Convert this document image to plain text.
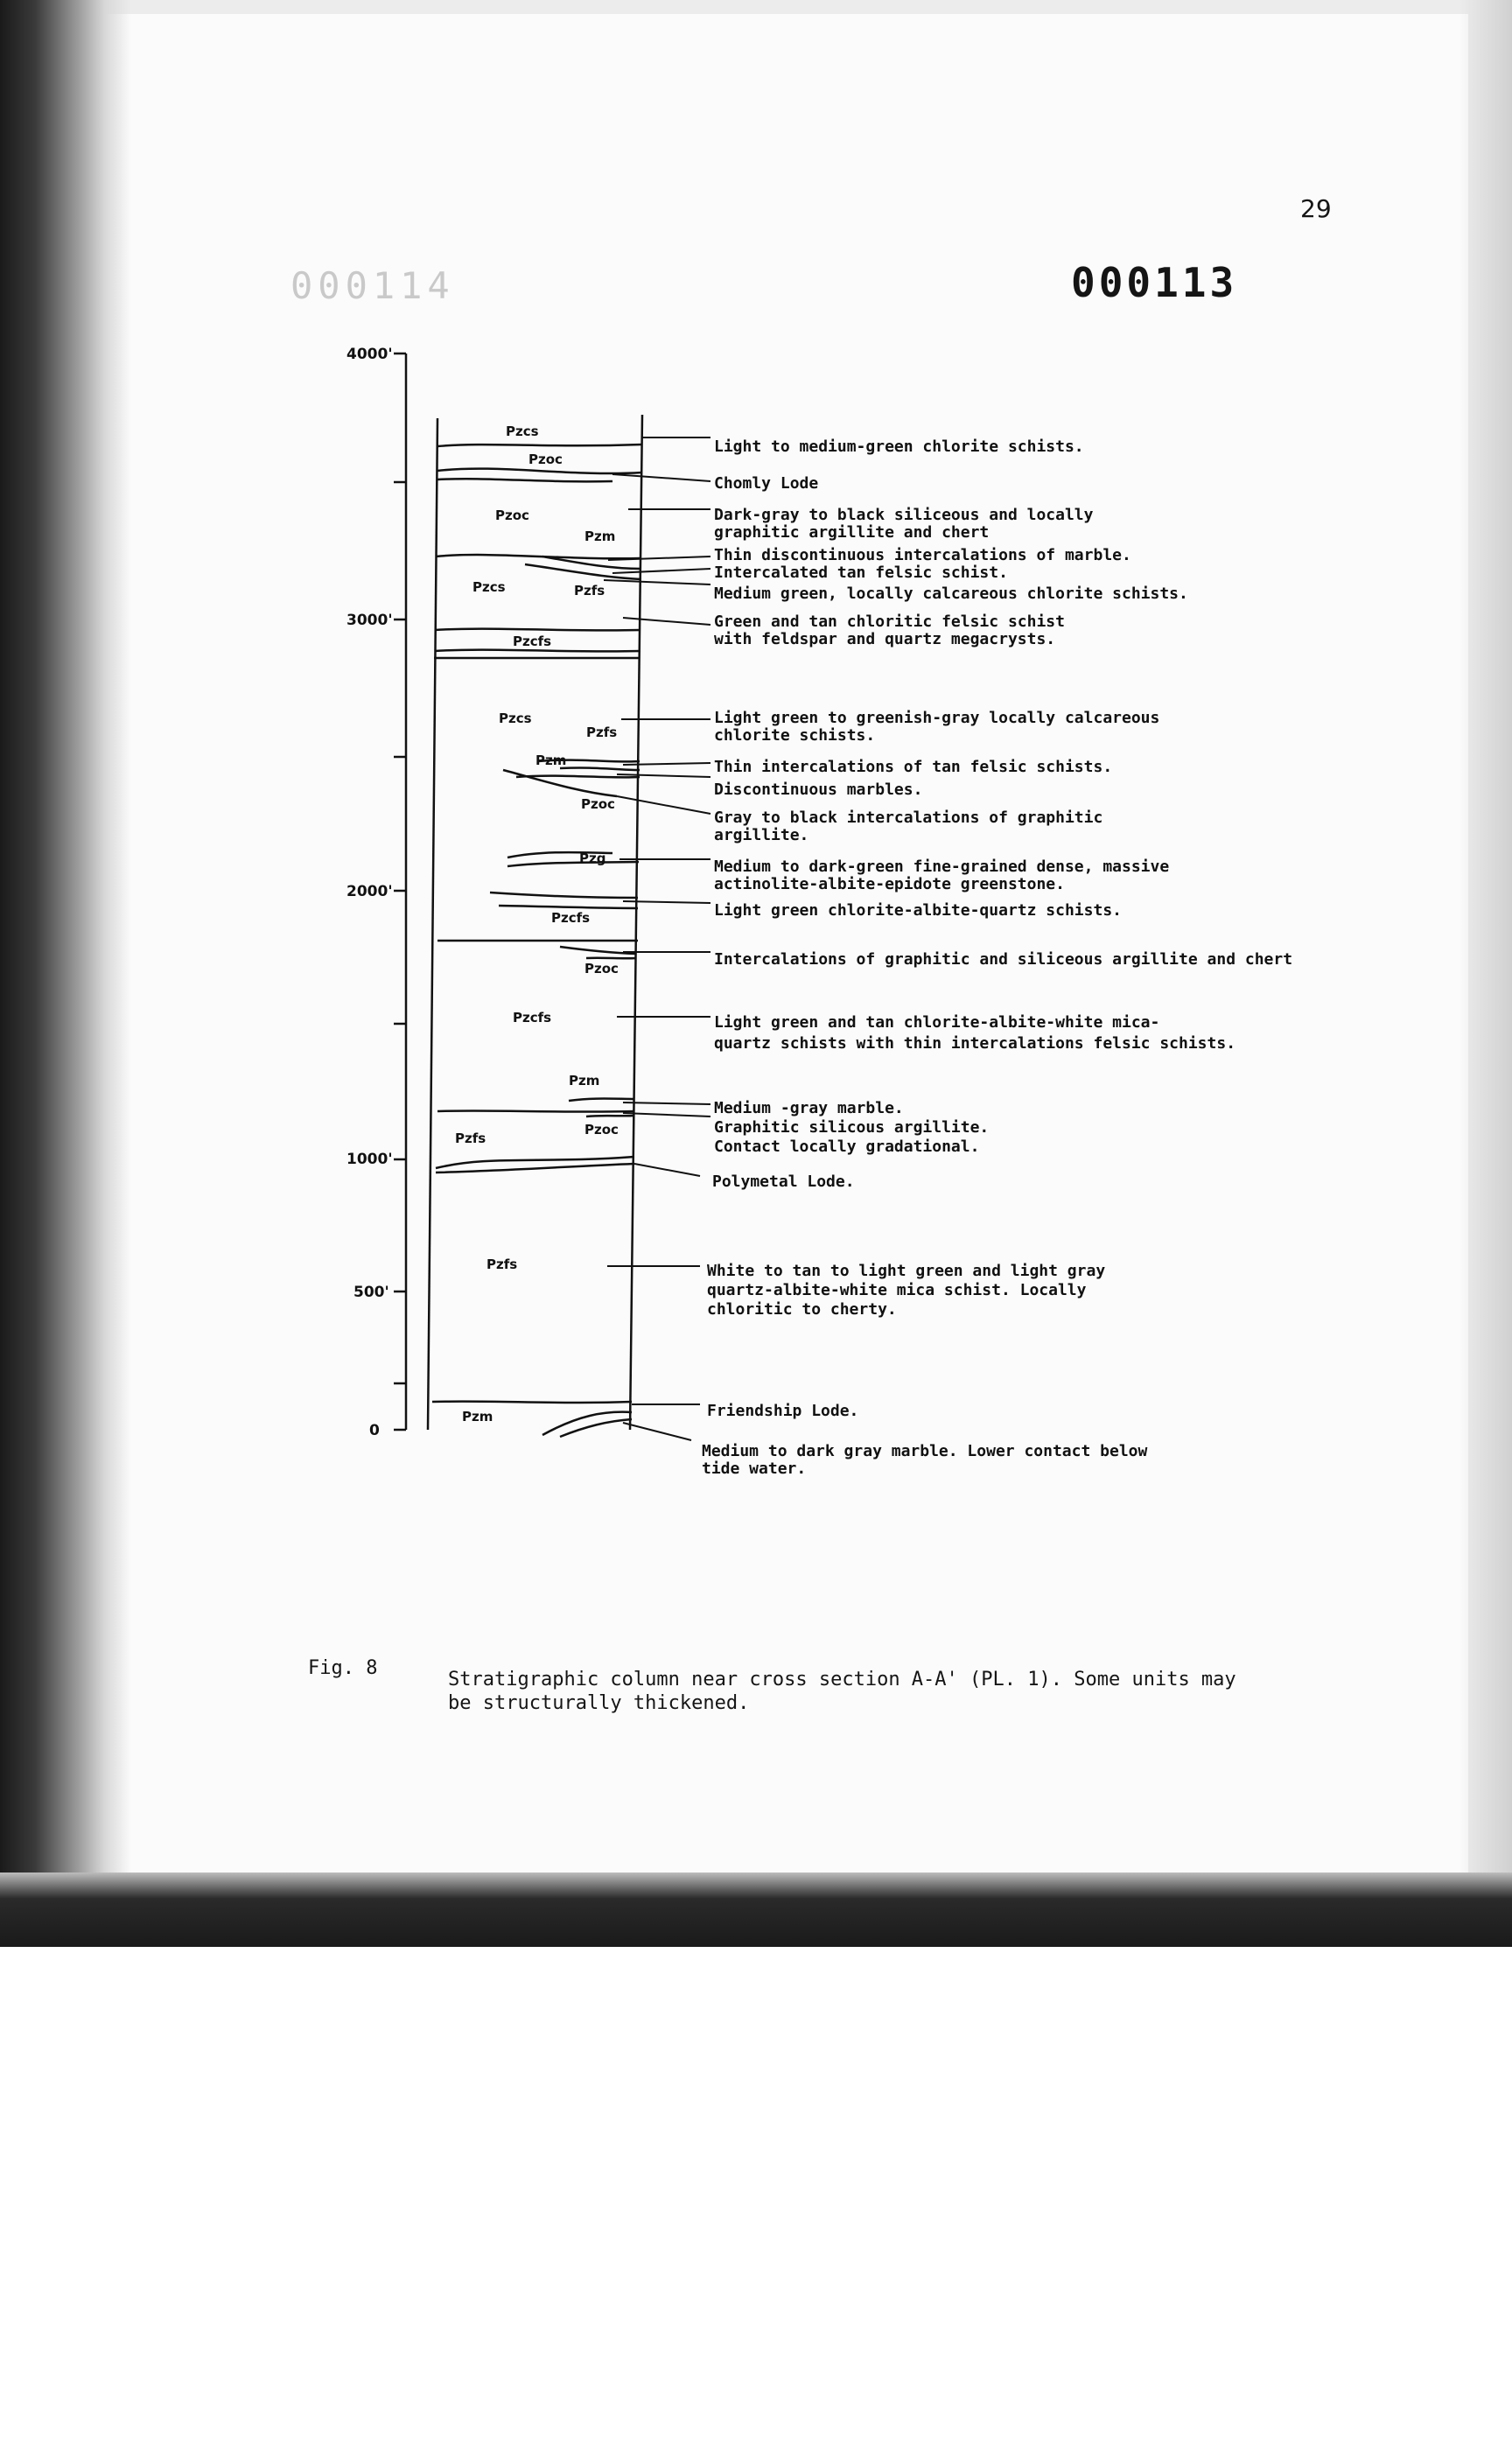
29
000113
000114
4000'
3000'
2000'
1000'
500'
0
Pzcs
Pzoc
Pzoc
Pzm
Pzcs	Pzfs
Pzcfs
Pzcs
Pzfs
Pzm
Pzoc
Pzg
Pzcfs
Pzoc
Pzcfs
Pzm
Pzfs
Pzoc
Pzfs
Pzm
Light to medium-green chlorite schists.
Chomly Lode
Dark-gray to black siliceous and locally graphitic argillite and chert
Thin discontinuous intercalations of marble.
Intercalated tan felsic schist.
Medium green, locally calcareous chlorite schists.
Green and tan chloritic felsic schist with feldspar and quartz megacrysts.
Light green to greenish-gray locally calcareous chlorite schists.
Thin intercalations of tan felsic schists.
Discontinuous marbles.
Gray to black intercalations of graphitic argillite.
Medium to dark-green fine-grained dense, massive actinolite-albite-epidote greenstone.
Light green chlorite-albite-quartz schists.
Intercalations of graphitic and siliceous argillite and chert
Light green and tan chlorite-albite-white mica-quartz schists with thin intercalations felsic schists.
Medium -gray marble.
Graphitic silicous argillite.
Contact locally gradational.
Polymetal Lode.
White to tan to light green and light gray quartz-albite-white mica schist. Locally chloritic to cherty.
Friendship Lode.
Medium to dark gray marble. Lower contact below tide water.
Fig. 8
Stratigraphic column near cross section A-A' (PL. 1). Some units may be structurally thickened.
